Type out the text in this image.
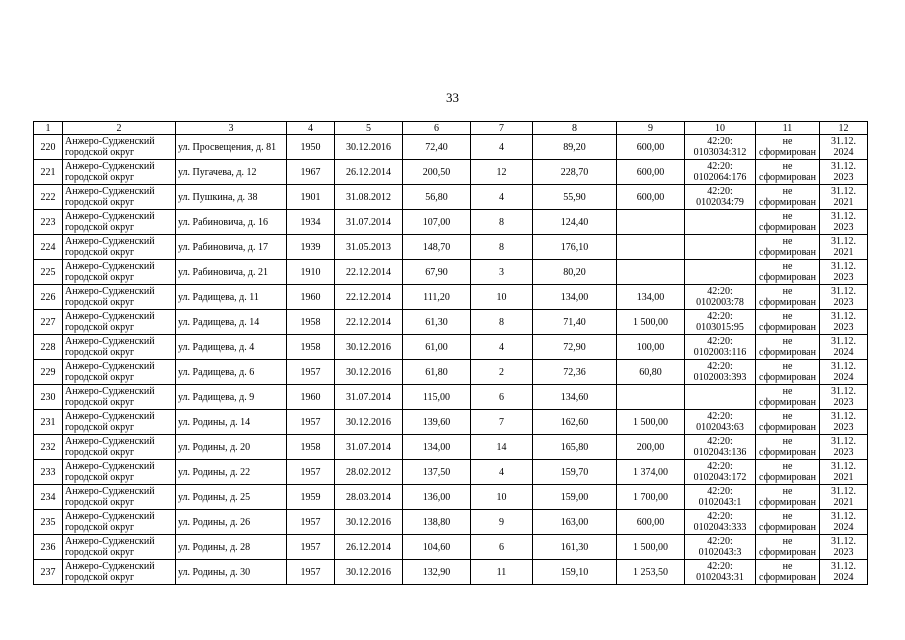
33
1	2	3	4	5	6	7	8	9	10	11	12
220	Анжеро-Судженский городской округ	ул. Просвещения, д. 81	1950	30.12.2016	72,40	4	89,20	600,00	42:20: 0103034:312	не сформирован	31.12. 2024
221	Анжеро-Судженский городской округ	ул. Пугачева, д. 12	1967	26.12.2014	200,50	12	228,70	600,00	42:20: 0102064:176	не сформирован	31.12. 2023
222	Анжеро-Судженский городской округ	ул. Пушкина, д. 38	1901	31.08.2012	56,80	4	55,90	600,00	42:20: 0102034:79	не сформирован	31.12. 2021
223	Анжеро-Судженский городской округ	ул. Рабиновича, д. 16	1934	31.07.2014	107,00	8	124,40			не сформирован	31.12. 2023
224	Анжеро-Судженский городской округ	ул. Рабиновича, д. 17	1939	31.05.2013	148,70	8	176,10			не сформирован	31.12. 2021
225	Анжеро-Судженский городской округ	ул. Рабиновича, д. 21	1910	22.12.2014	67,90	3	80,20			не сформирован	31.12. 2023
226	Анжеро-Судженский городской округ	ул. Радищева, д. 11	1960	22.12.2014	111,20	10	134,00	134,00	42:20: 0102003:78	не сформирован	31.12. 2023
227	Анжеро-Судженский городской округ	ул. Радищева, д. 14	1958	22.12.2014	61,30	8	71,40	1 500,00	42:20: 0103015:95	не сформирован	31.12. 2023
228	Анжеро-Судженский городской округ	ул. Радищева, д. 4	1958	30.12.2016	61,00	4	72,90	100,00	42:20: 0102003:116	не сформирован	31.12. 2024
229	Анжеро-Судженский городской округ	ул. Радищева, д. 6	1957	30.12.2016	61,80	2	72,36	60,80	42:20: 0102003:393	не сформирован	31.12. 2024
230	Анжеро-Судженский городской округ	ул. Радищева, д. 9	1960	31.07.2014	115,00	6	134,60			не сформирован	31.12. 2023
231	Анжеро-Судженский городской округ	ул. Родины, д. 14	1957	30.12.2016	139,60	7	162,60	1 500,00	42:20: 0102043:63	не сформирован	31.12. 2023
232	Анжеро-Судженский городской округ	ул. Родины, д. 20	1958	31.07.2014	134,00	14	165,80	200,00	42:20: 0102043:136	не сформирован	31.12. 2023
233	Анжеро-Судженский городской округ	ул. Родины, д. 22	1957	28.02.2012	137,50	4	159,70	1 374,00	42:20: 0102043:172	не сформирован	31.12. 2021
234	Анжеро-Судженский городской округ	ул. Родины, д. 25	1959	28.03.2014	136,00	10	159,00	1 700,00	42:20: 0102043:1	не сформирован	31.12. 2021
235	Анжеро-Судженский городской округ	ул. Родины, д. 26	1957	30.12.2016	138,80	9	163,00	600,00	42:20: 0102043:333	не сформирован	31.12. 2024
236	Анжеро-Судженский городской округ	ул. Родины, д. 28	1957	26.12.2014	104,60	6	161,30	1 500,00	42:20: 0102043:3	не сформирован	31.12. 2023
237	Анжеро-Судженский городской округ	ул. Родины, д. 30	1957	30.12.2016	132,90	11	159,10	1 253,50	42:20: 0102043:31	не сформирован	31.12. 2024
